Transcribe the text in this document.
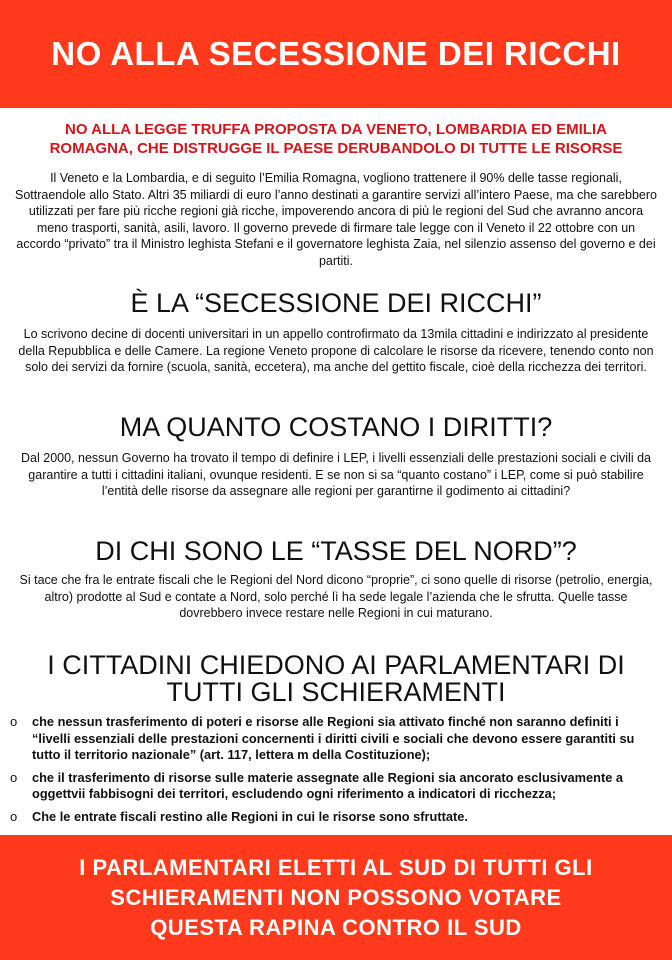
NO ALLA SECESSIONE DEI RICCHI
NO ALLA LEGGE TRUFFA PROPOSTA DA VENETO, LOMBARDIA ED EMILIA ROMAGNA, CHE DISTRUGGE IL PAESE DERUBANDOLO DI TUTTE LE RISORSE
Il Veneto e la Lombardia, e di seguito l’Emilia Romagna, vogliono trattenere il 90% delle tasse regionali, Sottraendole allo Stato. Altri 35 miliardi di euro l’anno destinati a garantire servizi all’intero Paese, ma che sarebbero utilizzati per fare più ricche regioni già ricche, impoverendo ancora di più le regioni del Sud che avranno ancora meno trasporti, sanità, asili, lavoro. Il governo prevede di firmare tale legge con il Veneto il 22 ottobre con un accordo “privato” tra il Ministro leghista Stefani e il governatore leghista Zaia, nel silenzio assenso del governo e dei partiti.
È LA “SECESSIONE DEI RICCHI”
Lo scrivono decine di docenti universitari in un appello controfirmato da 13mila cittadini e indirizzato al presidente della Repubblica e delle Camere. La regione Veneto propone di calcolare le risorse da ricevere, tenendo conto non solo dei servizi da fornire (scuola, sanità, eccetera), ma anche del gettito fiscale, cioè della ricchezza dei territori.
MA QUANTO COSTANO I DIRITTI?
Dal 2000, nessun Governo ha trovato il tempo di definire i LEP, i livelli essenziali delle prestazioni sociali e civili da garantire a tutti i cittadini italiani, ovunque residenti. E se non si sa “quanto costano” i LEP, come si può stabilire l’entità delle risorse da assegnare alle regioni per garantirne il godimento ai cittadini?
DI CHI SONO LE “TASSE DEL NORD”?
Si tace che fra le entrate fiscali che le Regioni del Nord dicono “proprie”, ci sono quelle di risorse (petrolio, energia, altro) prodotte al Sud e contate a Nord, solo perché lì ha sede legale l’azienda che le sfrutta. Quelle tasse dovrebbero invece restare nelle Regioni in cui maturano.
I CITTADINI CHIEDONO AI PARLAMENTARI DI TUTTI GLI SCHIERAMENTI
o	che nessun trasferimento di poteri e risorse alle Regioni sia attivato finché non saranno definiti i “livelli essenziali delle prestazioni concernenti i diritti civili e sociali che devono essere garantiti su tutto il territorio nazionale” (art. 117, lettera m della Costituzione);
o	che il trasferimento di risorse sulle materie assegnate alle Regioni sia ancorato esclusivamente a oggettvii fabbisogni dei territori, escludendo ogni riferimento a indicatori di ricchezza;
o	Che le entrate fiscali restino alle Regioni in cui le risorse sono sfruttate.
I PARLAMENTARI ELETTI AL SUD DI TUTTI GLI
SCHIERAMENTI NON POSSONO VOTARE
QUESTA RAPINA CONTRO IL SUD
